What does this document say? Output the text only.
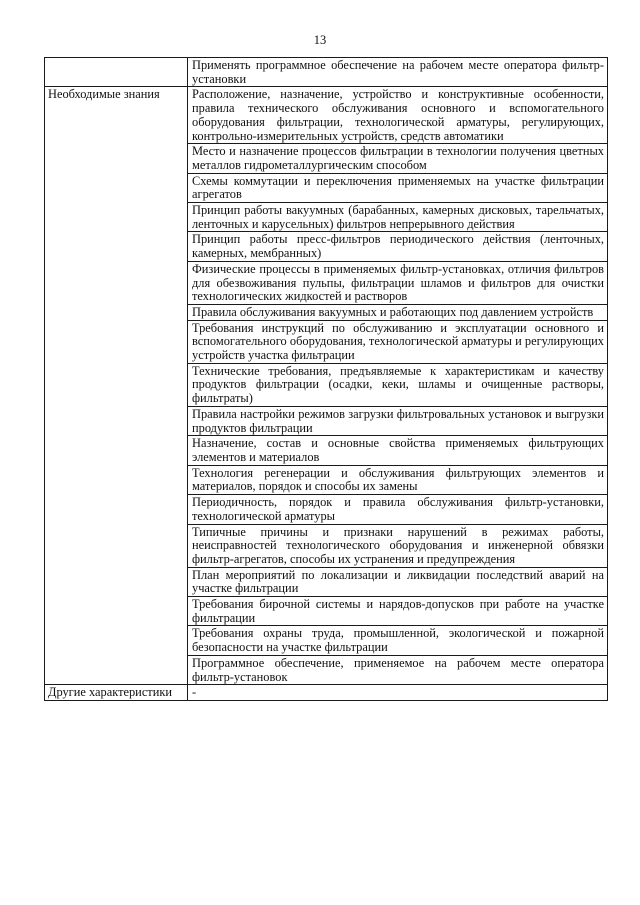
13
	Применять программное обеспечение на рабочем месте оператора фильтр-установки
Необходимые знания	Расположение, назначение, устройство и конструктивные особенности, правила технического обслуживания основного и вспомогательного оборудования фильтрации, технологической арматуры, регулирующих, контрольно-измерительных устройств, средств автоматики
	Место и назначение процессов фильтрации в технологии получения цветных металлов гидрометаллургическим способом
	Схемы коммутации и переключения применяемых на участке фильтрации агрегатов
	Принцип работы вакуумных (барабанных, камерных дисковых, тарельчатых, ленточных и карусельных) фильтров непрерывного действия
	Принцип работы пресс-фильтров периодического действия (ленточных, камерных, мембранных)
	Физические процессы в применяемых фильтр-установках, отличия фильтров для обезвоживания пульпы, фильтрации шламов и фильтров для очистки технологических жидкостей и растворов
	Правила обслуживания вакуумных и работающих под давлением устройств
	Требования инструкций по обслуживанию и эксплуатации основного и вспомогательного оборудования, технологической арматуры и регулирующих устройств участка фильтрации
	Технические требования, предъявляемые к характеристикам и качеству продуктов фильтрации (осадки, кеки, шламы и очищенные растворы, фильтраты)
	Правила настройки режимов загрузки фильтровальных установок и выгрузки продуктов фильтрации
	Назначение, состав и основные свойства применяемых фильтрующих элементов и материалов
	Технология регенерации и обслуживания фильтрующих элементов и материалов, порядок и способы их замены
	Периодичность, порядок и правила обслуживания фильтр-установки, технологической арматуры
	Типичные причины и признаки нарушений в режимах работы, неисправностей технологического оборудования и инженерной обвязки фильтр-агрегатов, способы их устранения и предупреждения
	План мероприятий по локализации и ликвидации последствий аварий на участке фильтрации
	Требования бирочной системы и нарядов-допусков при работе на участке фильтрации
	Требования охраны труда, промышленной, экологической и пожарной безопасности на участке фильтрации
	Программное обеспечение, применяемое на рабочем месте оператора фильтр-установок
Другие характеристики	-
